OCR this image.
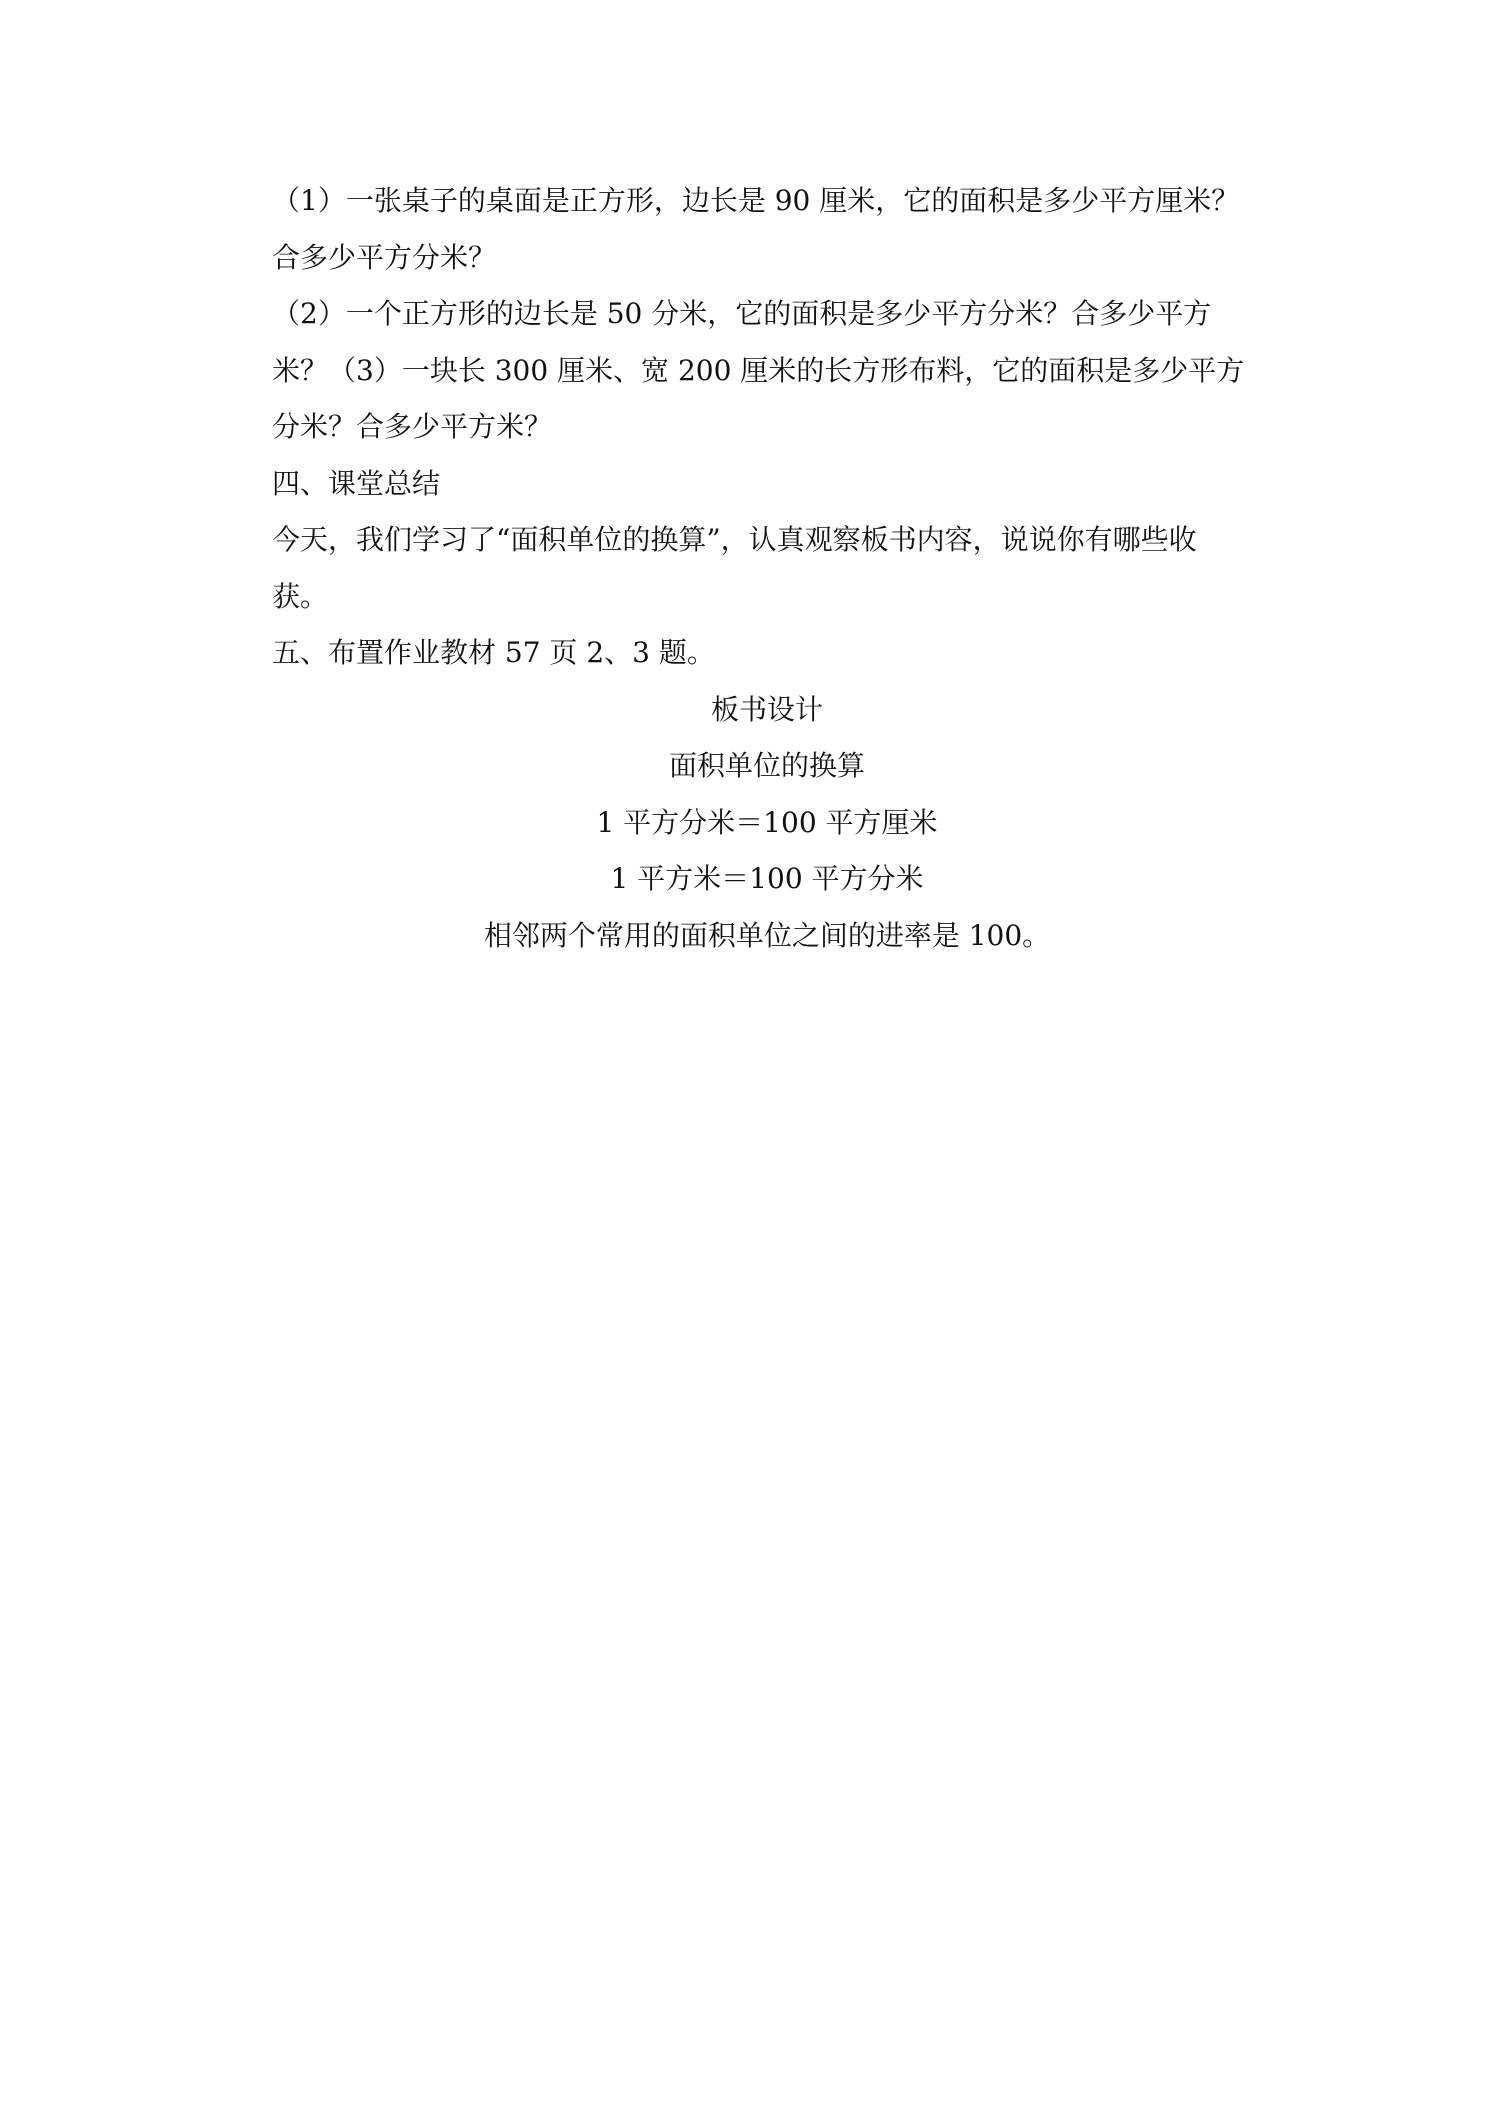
（1）一张桌子的桌面是正方形，边长是 90 厘米，它的面积是多少平方厘米？

合多少平方分米？

（2）一个正方形的边长是 50 分米，它的面积是多少平方分米？合多少平方

米？（3）一块长 300 厘米、宽 200 厘米的长方形布料，它的面积是多少平方

分米？合多少平方米？

四、课堂总结

今天，我们学习了“面积单位的换算”，认真观察板书内容，说说你有哪些收

获。

五、布置作业教材 57 页 2、3 题。

板书设计

面积单位的换算

1 平方分米＝100 平方厘米

1 平方米＝100 平方分米

相邻两个常用的面积单位之间的进率是 100。
